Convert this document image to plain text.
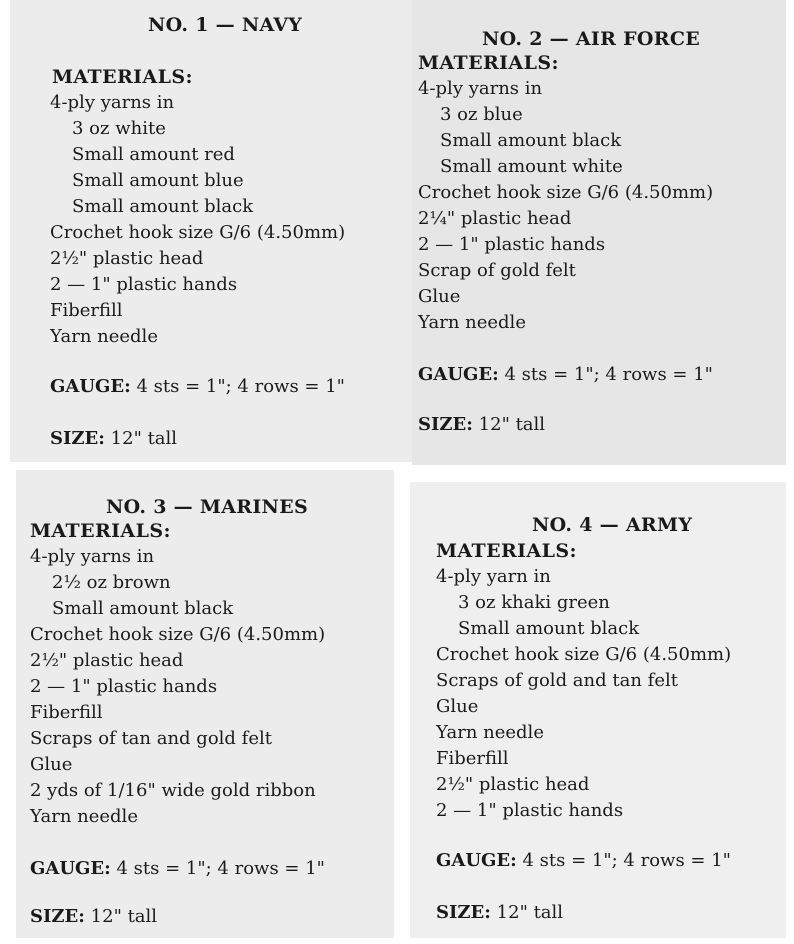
NO. 1 — NAVY
MATERIALS:
4-ply yarns in
3 oz white
Small amount red
Small amount blue
Small amount black
Crochet hook size G/6 (4.50mm)
2½" plastic head
2 — 1" plastic hands
Fiberfill
Yarn needle
GAUGE: 4 sts = 1"; 4 rows = 1"
SIZE: 12" tall
NO. 2 — AIR FORCE
MATERIALS:
4-ply yarns in
3 oz blue
Small amount black
Small amount white
Crochet hook size G/6 (4.50mm)
2¼" plastic head
2 — 1" plastic hands
Scrap of gold felt
Glue
Yarn needle
GAUGE: 4 sts = 1"; 4 rows = 1"
SIZE: 12" tall
NO. 3 — MARINES
MATERIALS:
4-ply yarns in
2½ oz brown
Small amount black
Crochet hook size G/6 (4.50mm)
2½" plastic head
2 — 1" plastic hands
Fiberfill
Scraps of tan and gold felt
Glue
2 yds of 1/16" wide gold ribbon
Yarn needle
GAUGE: 4 sts = 1"; 4 rows = 1"
SIZE: 12" tall
NO. 4 — ARMY
MATERIALS:
4-ply yarn in
3 oz khaki green
Small amount black
Crochet hook size G/6 (4.50mm)
Scraps of gold and tan felt
Glue
Yarn needle
Fiberfill
2½" plastic head
2 — 1" plastic hands
GAUGE: 4 sts = 1"; 4 rows = 1"
SIZE: 12" tall
